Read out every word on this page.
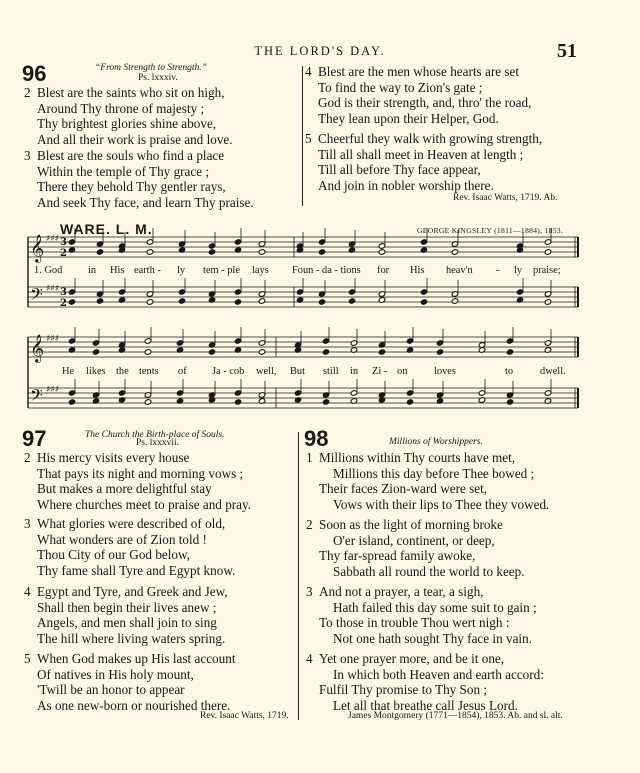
THE LORD'S DAY.	51
96	“From Strength to Strength.”
Ps. lxxxiv.
2 Blest are the saints who sit on high,
Around Thy throne of majesty ;
Thy brightest glories shine above,
And all their work is praise and love.
3 Blest are the souls who find a place
Within the temple of Thy grace ;
There they behold Thy gentler rays,
And seek Thy face, and learn Thy praise.
4 Blest are the men whose hearts are set
To find the way to Zion's gate ;
God is their strength, and, thro' the road,
They lean upon their Helper, God.
5 Cheerful they walk with growing strength,
Till all shall meet in Heaven at length ;
Till all before Thy face appear,
And join in nobler worship there.
Rev. Isaac Watts, 1719. Ab.
WARE. L. M.	GEORGE KINGSLEY (1811—1884), 1853.
𝄞
𝄢
𝄞
𝄢
♯♯♯
♯♯♯
♯♯♯
♯♯♯
3
2
3
2
1. God in His earth - ly tem - ple lays Foun - da - tions for His heav'n - ly praise;
He likes the tents of Ja - cob well, But still in Zi - on	loves	to	dwell.
97	The Church the Birth-place of Souls.
Ps. lxxxvii.
2 His mercy visits every house
That pays its night and morning vows ;
But makes a more delightful stay
Where churches meet to praise and pray.
3 What glories were described of old,
What wonders are of Zion told !
Thou City of our God below,
Thy fame shall Tyre and Egypt know.
4 Egypt and Tyre, and Greek and Jew,
Shall then begin their lives anew ;
Angels, and men shall join to sing
The hill where living waters spring.
5 When God makes up His last account
Of natives in His holy mount,
'Twill be an honor to appear
As one new-born or nourished there.
Rev. Isaac Watts, 1719.
98	Millions of Worshippers.
1 Millions within Thy courts have met,
Millions this day before Thee bowed ;
Their faces Zion-ward were set,
Vows with their lips to Thee they vowed.
2 Soon as the light of morning broke
O'er island, continent, or deep,
Thy far-spread family awoke,
Sabbath all round the world to keep.
3 And not a prayer, a tear, a sigh,
Hath failed this day some suit to gain ;
To those in trouble Thou wert nigh :
Not one hath sought Thy face in vain.
4 Yet one prayer more, and be it one,
In which both Heaven and earth accord:
Fulfil Thy promise to Thy Son ;
Let all that breathe call Jesus Lord.
James Montgomery (1771—1854), 1853. Ab. and sl. alt.
